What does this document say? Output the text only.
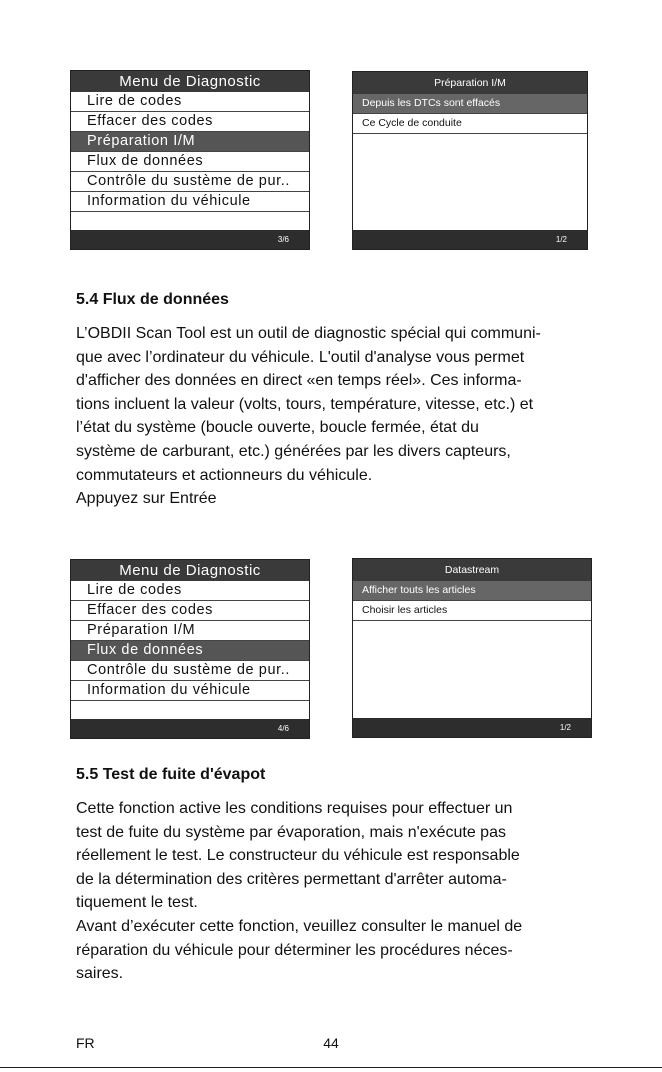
Menu de Diagnostic
Lire de codes
Effacer des codes
Préparation I/M
Flux de données
Contrôle du sustème de pur..
Information du véhicule
3/6
Préparation I/M
Depuis les DTCs sont effacés
Ce Cycle de conduite
1/2
5.4 Flux de données
L’OBDII Scan Tool est un outil de diagnostic spécial qui communi-
que avec l’ordinateur du véhicule. L'outil d'analyse vous permet
d'afficher des données en direct «en temps réel». Ces informa-
tions incluent la valeur (volts, tours, température, vitesse, etc.) et
l’état du système (boucle ouverte, boucle fermée, état du
système de carburant, etc.) générées par les divers capteurs,
commutateurs et actionneurs du véhicule.
Appuyez sur Entrée
Menu de Diagnostic
Lire de codes
Effacer des codes
Préparation I/M
Flux de données
Contrôle du sustème de pur..
Information du véhicule
4/6
Datastream
Afficher touts les articles
Choisir les articles
1/2
5.5 Test de fuite d'évapot
Cette fonction active les conditions requises pour effectuer un
test de fuite du système par évaporation, mais n'exécute pas
réellement le test. Le constructeur du véhicule est responsable
de la détermination des critères permettant d'arrêter automa-
tiquement le test.
Avant d’exécuter cette fonction, veuillez consulter le manuel de
réparation du véhicule pour déterminer les procédures néces-
saires.
FR	44
